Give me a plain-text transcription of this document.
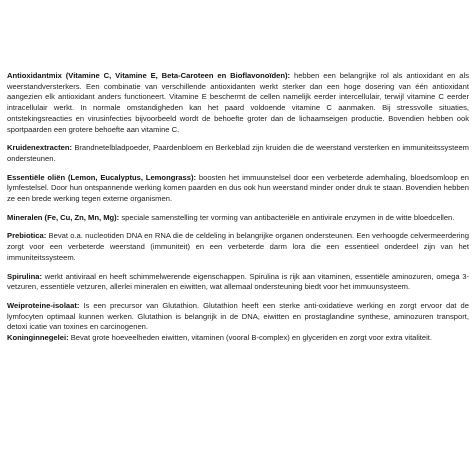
Antioxidantmix (Vitamine C, Vitamine E, Beta-Caroteen en Bioflavonoïden): hebben een belangrijke rol als antioxidant en als weerstandversterkers. Een combinatie van verschillende antioxidanten werkt sterker dan een hoge dosering van één antioxidant aangezien elk antioxidant anders functioneert. Vitamine E beschermt de cellen namelijk eerder intercellulair, terwijl vitamine C eerder intracellulair werkt. In normale omstandigheden kan het paard voldoende vitamine C aanmaken. Bij stressvolle situaties, ontstekingsreacties en virusinfecties bijvoorbeeld wordt de behoefte groter dan de lichaamseigen productie. Bovendien hebben ook sportpaarden een grotere behoefte aan vitamine C.

Kruidenextracten: Brandnetelbladpoeder, Paardenbloem en Berkeblad zijn kruiden die de weerstand versterken en immuniteitssysteem ondersteunen.

Essentiële oliën (Lemon, Eucalyptus, Lemongrass): boosten het immuunstelsel door een verbeterde ademhaling, bloedsomloop en lymfestelsel. Door hun ontspannende werking komen paarden en dus ook hun weerstand minder onder druk te staan. Bovendien hebben ze een brede werking tegen externe organismen.

Mineralen (Fe, Cu, Zn, Mn, Mg): speciale samenstelling ter vorming van antibacteriële en antivirale enzymen in de witte bloedcellen.

Prebiotica: Bevat o.a. nucleotiden DNA en RNA die de celdeling in belangrijke organen ondersteunen. Een verhoogde celvermeerdering zorgt voor een verbeterde weerstand (immuniteit) en een verbeterde darm lora die een essentieel onderdeel zijn van het immuniteitssysteem.

Spirulina: werkt antiviraal en heeft schimmelwerende eigenschappen. Spirulina is rijk aan vitaminen, essentiële aminozuren, omega 3-vetzuren, essentiële vetzuren, allerlei mineralen en eiwitten, wat allemaal ondersteuning biedt voor het immuunsysteem.

Weiproteine-isolaat: Is een precursor van Glutathion. Glutathion heeft een sterke anti-oxidatieve werking en zorgt ervoor dat de lymfocyten optimaal kunnen werken. Glutathion is belangrijk in de DNA, eiwitten en prostaglandine synthese, aminozuren transport, detoxi icatie van toxines en carcinogenen.

Koninginnegelei: Bevat grote hoeveelheden eiwitten, vitaminen (vooral B-complex) en glyceriden en zorgt voor extra vitaliteit.
